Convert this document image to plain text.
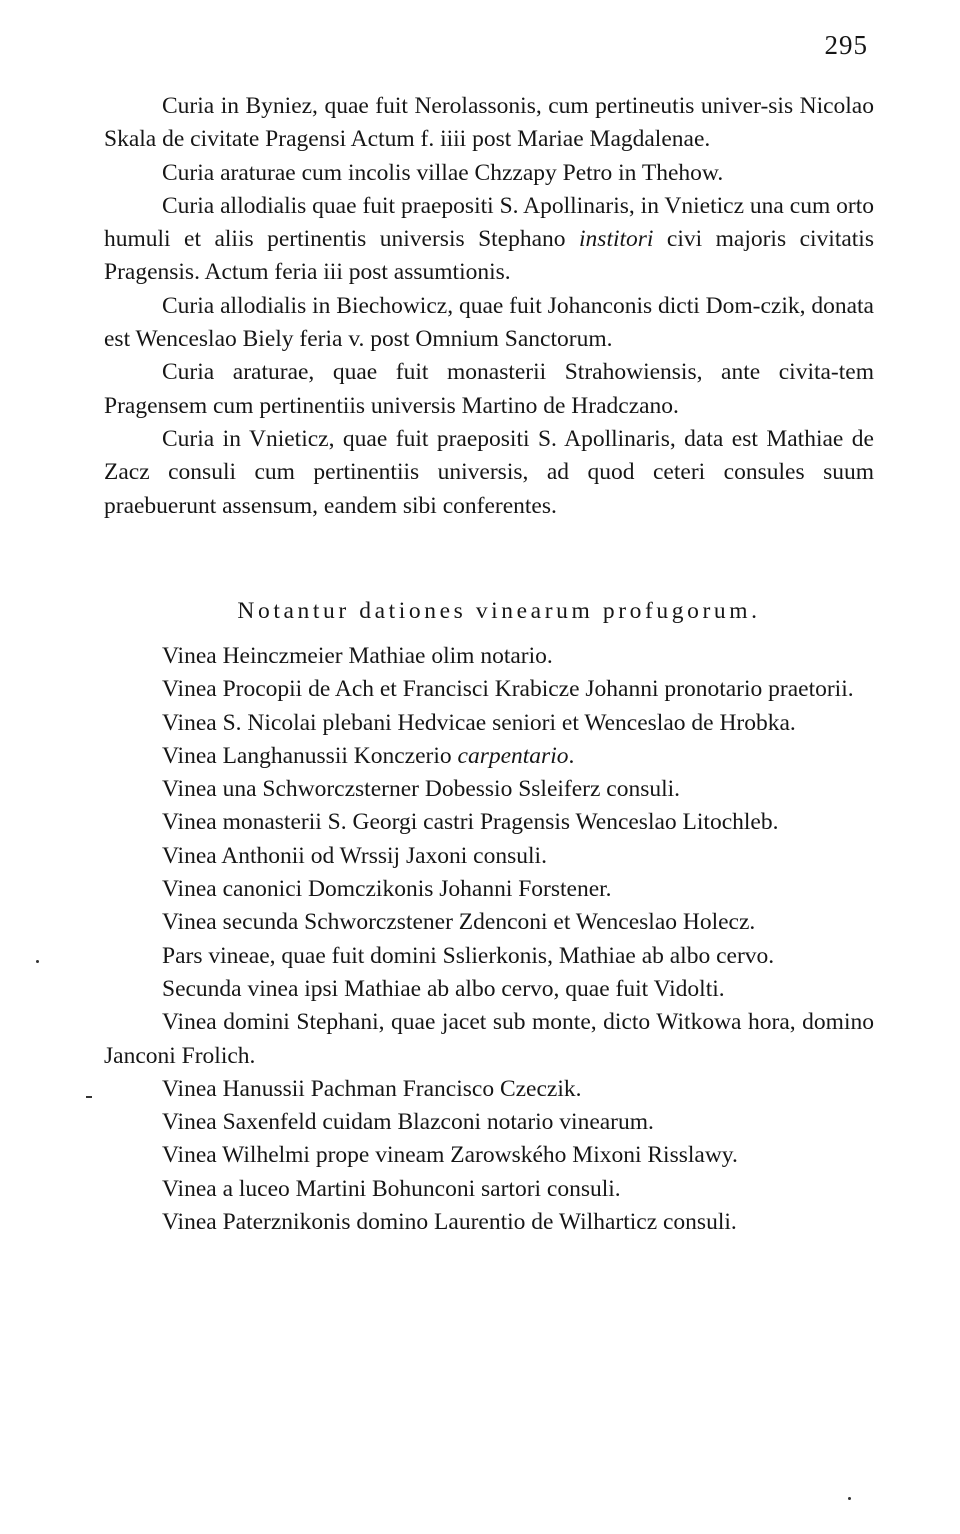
295

Curia in Byniez, quae fuit Nerolassonis, cum pertineutis univer-sis Nicolao Skala de civitate Pragensi Actum f. iiii post Mariae Magdalenae.

Curia araturae cum incolis villae Chzzapy Petro in Thehow.

Curia allodialis quae fuit praepositi S. Apollinaris, in Vnieticz una cum orto humuli et aliis pertinentis universis Stephano institori civi majoris civitatis Pragensis. Actum feria iii post assumtionis.

Curia allodialis in Biechowicz, quae fuit Johanconis dicti Dom-czik, donata est Wenceslao Biely feria v. post Omnium Sanctorum.

Curia araturae, quae fuit monasterii Strahowiensis, ante civita-tem Pragensem cum pertinentiis universis Martino de Hradczano.

Curia in Vnieticz, quae fuit praepositi S. Apollinaris, data est Mathiae de Zacz consuli cum pertinentiis universis, ad quod ceteri consules suum praebuerunt assensum, eandem sibi conferentes.

Notantur dationes vinearum profugorum.

Vinea Heinczmeier Mathiae olim notario.

Vinea Procopii de Ach et Francisci Krabicze Johanni pronotario praetorii.

Vinea S. Nicolai plebani Hedvicae seniori et Wenceslao de Hrobka.

Vinea Langhanussii Konczerio carpentario.

Vinea una Schworczsterner Dobessio Ssleiferz consuli.

Vinea monasterii S. Georgi castri Pragensis Wenceslao Litochleb.

Vinea Anthonii od Wrssij Jaxoni consuli.

Vinea canonici Domczikonis Johanni Forstener.

Vinea secunda Schworczstener Zdenconi et Wenceslao Holecz.

Pars vineae, quae fuit domini Sslierkonis, Mathiae ab albo cervo.

Secunda vinea ipsi Mathiae ab albo cervo, quae fuit Vidolti.

Vinea domini Stephani, quae jacet sub monte, dicto Witkowa hora, domino Janconi Frolich.

Vinea Hanussii Pachman Francisco Czeczik.

Vinea Saxenfeld cuidam Blazconi notario vinearum.

Vinea Wilhelmi prope vineam Zarowského Mixoni Risslawy.

Vinea a luceo Martini Bohunconi sartori consuli.

Vinea Paterznikonis domino Laurentio de Wilharticz consuli.
